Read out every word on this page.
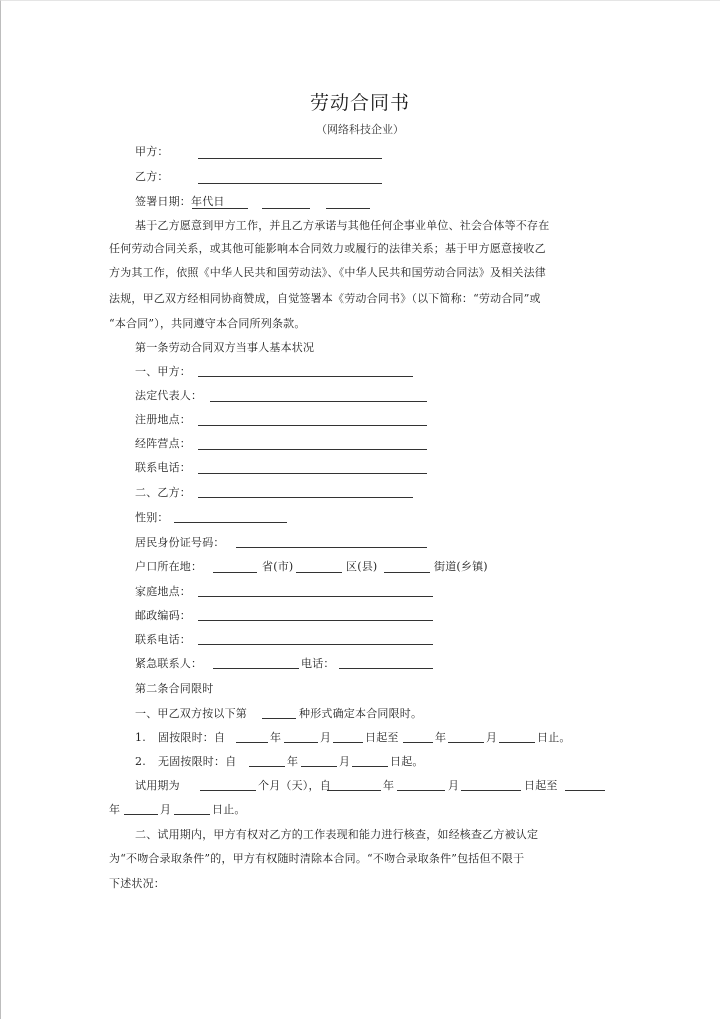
劳动合同书
（网络科技企业）
甲方：
乙方：
签署日期：年代日
基于乙方愿意到甲方工作，并且乙方承诺与其他任何企事业单位、社会合体等不存在
任何劳动合同关系，或其他可能影响本合同效力或履行的法律关系；基于甲方愿意接收乙
方为其工作，依照《中华人民共和国劳动法》、《中华人民共和国劳动合同法》及相关法律
法规，甲乙双方经相同协商赞成，自觉签署本《劳动合同书》（以下简称：“劳动合同”或
“本合同”），共同遵守本合同所列条款。
第一条劳动合同双方当事人基本状况
一、甲方：
法定代表人：
注册地点：
经阵营点：
联系电话：
二、乙方：
性别：
居民身份证号码：
户口所在地：	省(市)	区(县)	街道(乡镇)
家庭地点：
邮政编码：
联系电话：
紧急联系人：	电话：
第二条合同限时
一、甲乙双方按以下第	种形式确定本合同限时。
1. 固按限时：自	年	月	日起至	年	月	日止。
2. 无固按限时：自	年	月	日起。
试用期为	个月（天），自	年	月	日起至
年	月	日止。
二、试用期内，甲方有权对乙方的工作表现和能力进行核查，如经核查乙方被认定
为“不吻合录取条件”的，甲方有权随时清除本合同。“不吻合录取条件”包括但不限于
下述状况：
